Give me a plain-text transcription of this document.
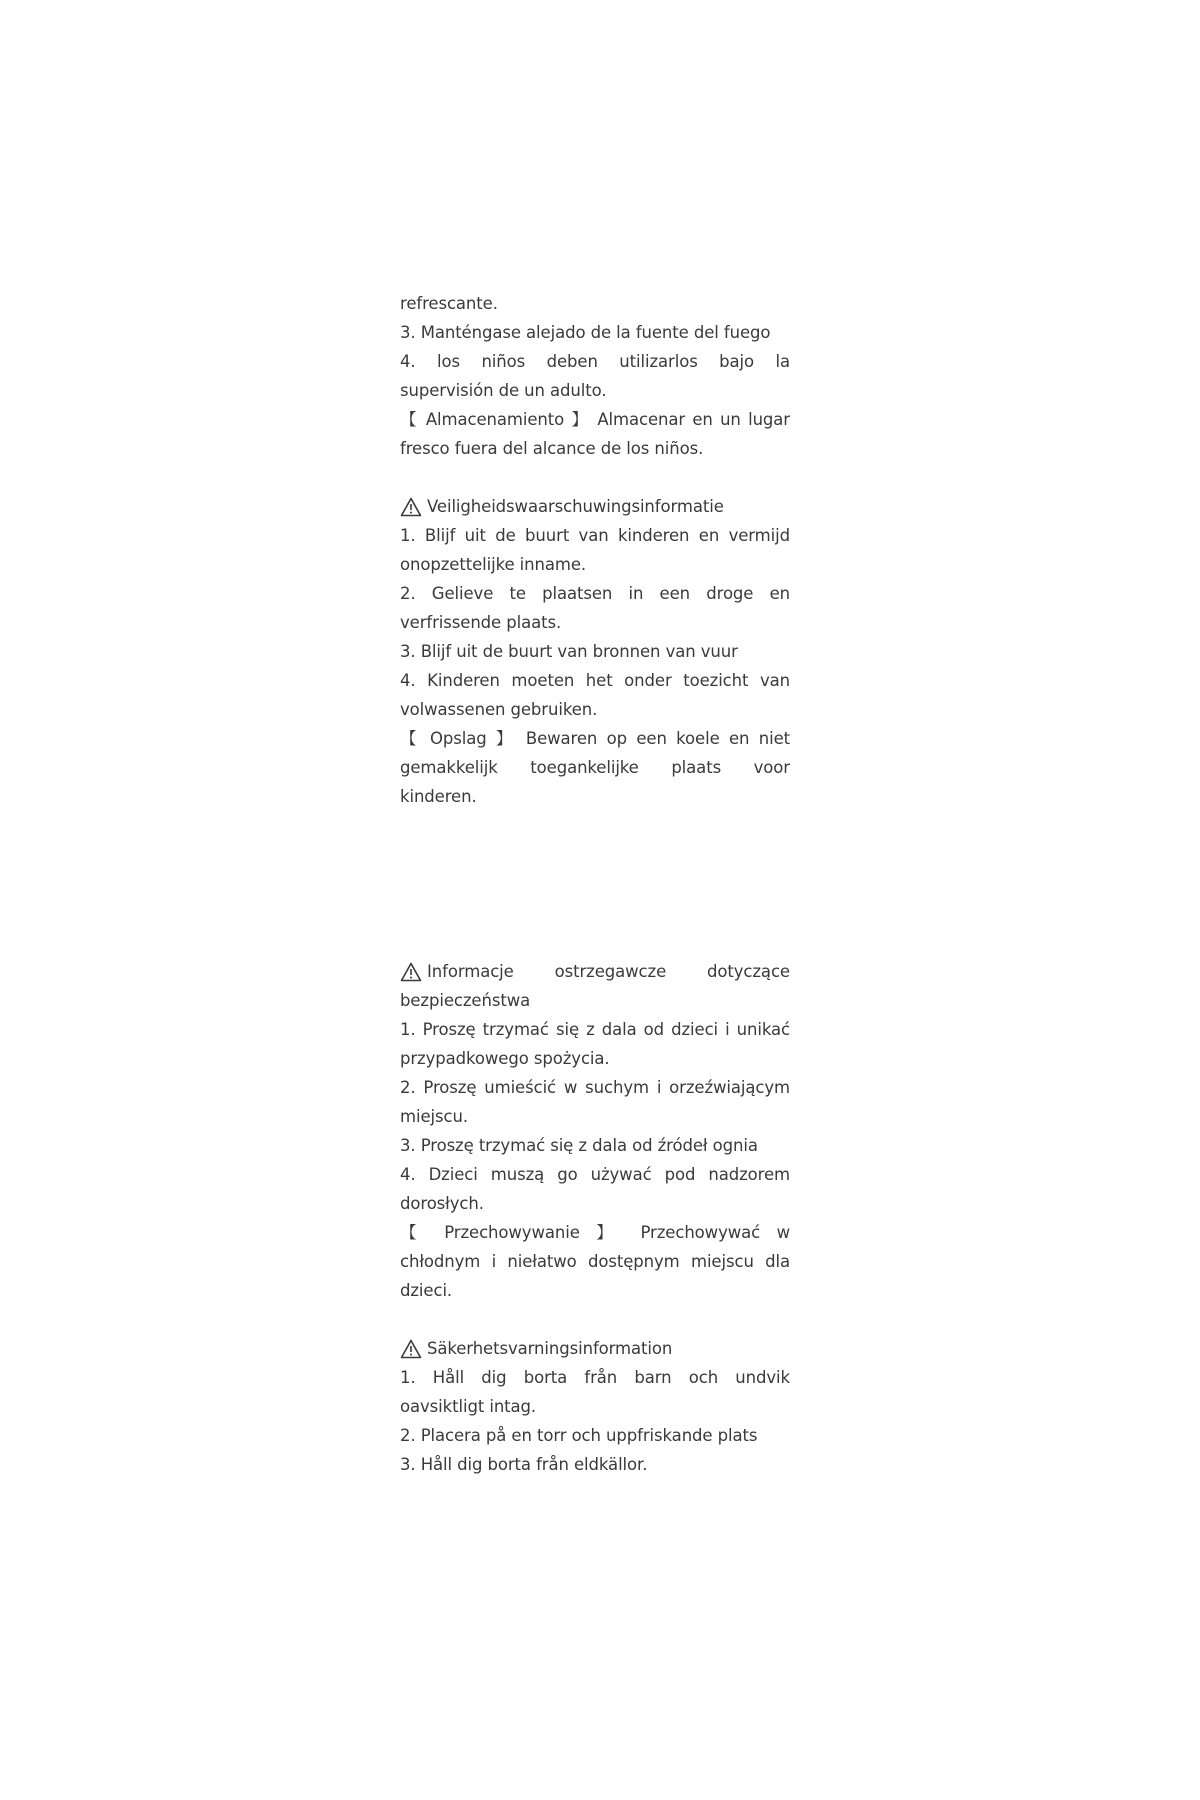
refrescante.
3. Manténgase alejado de la fuente del fuego
4. los niños deben utilizarlos bajo la
supervisión de un adulto.
【 Almacenamiento 】 Almacenar en un lugar
fresco fuera del alcance de los niños.
Veiligheidswaarschuwingsinformatie
1. Blijf uit de buurt van kinderen en vermijd
onopzettelijke inname.
2. Gelieve te plaatsen in een droge en
verfrissende plaats.
3. Blijf uit de buurt van bronnen van vuur
4. Kinderen moeten het onder toezicht van
volwassenen gebruiken.
【 Opslag 】 Bewaren op een koele en niet
gemakkelijk toegankelijke plaats voor
kinderen.
Informacje ostrzegawcze dotyczące
bezpieczeństwa
1. Proszę trzymać się z dala od dzieci i unikać
przypadkowego spożycia.
2. Proszę umieścić w suchym i orzeźwiającym
miejscu.
3. Proszę trzymać się z dala od źródeł ognia
4. Dzieci muszą go używać pod nadzorem
dorosłych.
【 Przechowywanie 】 Przechowywać w
chłodnym i niełatwo dostępnym miejscu dla
dzieci.
Säkerhetsvarningsinformation
1. Håll dig borta från barn och undvik
oavsiktligt intag.
2. Placera på en torr och uppfriskande plats
3. Håll dig borta från eldkällor.
